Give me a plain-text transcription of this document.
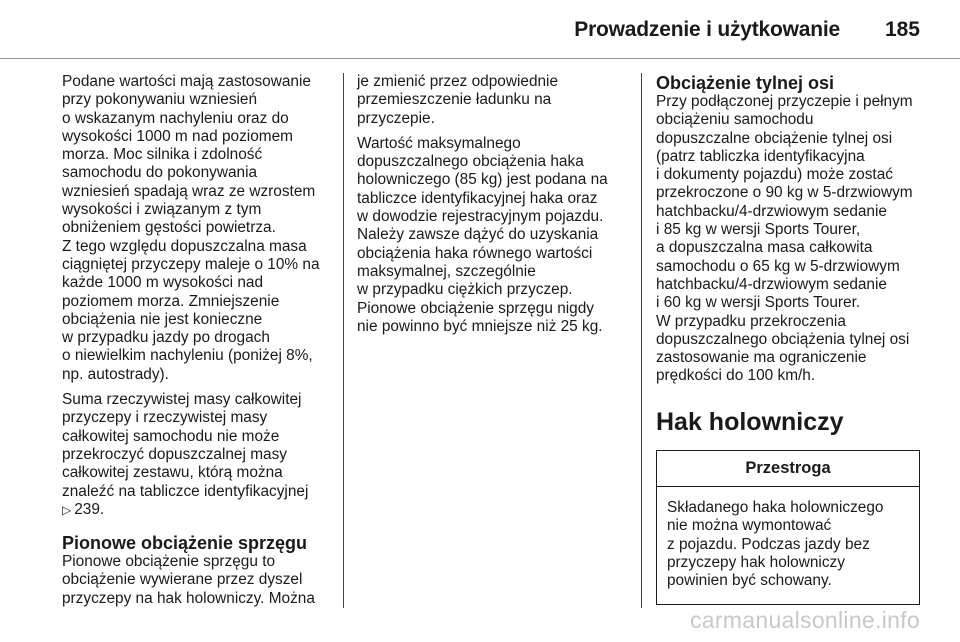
Prowadzenie i użytkowanie 185

Podane wartości mają zastosowanie
przy pokonywaniu wzniesień
o wskazanym nachyleniu oraz do
wysokości 1000 m nad poziomem
morza. Moc silnika i zdolność
samochodu do pokonywania
wzniesień spadają wraz ze wzrostem
wysokości i związanym z tym
obniżeniem gęstości powietrza.
Z tego względu dopuszczalna masa
ciągniętej przyczepy maleje o 10% na
każde 1000 m wysokości nad
poziomem morza. Zmniejszenie
obciążenia nie jest konieczne
w przypadku jazdy po drogach
o niewielkim nachyleniu (poniżej 8%,
np. autostrady).

Suma rzeczywistej masy całkowitej
przyczepy i rzeczywistej masy
całkowitej samochodu nie może
przekroczyć dopuszczalnej masy
całkowitej zestawu, którą można
znaleźć na tabliczce identyfikacyjnej
▷ 239.

Pionowe obciążenie sprzęgu

Pionowe obciążenie sprzęgu to
obciążenie wywierane przez dyszel
przyczepy na hak holowniczy. Można

je zmienić przez odpowiednie
przemieszczenie ładunku na
przyczepie.

Wartość maksymalnego
dopuszczalnego obciążenia haka
holowniczego (85 kg) jest podana na
tabliczce identyfikacyjnej haka oraz
w dowodzie rejestracyjnym pojazdu.
Należy zawsze dążyć do uzyskania
obciążenia haka równego wartości
maksymalnej, szczególnie
w przypadku ciężkich przyczep.
Pionowe obciążenie sprzęgu nigdy
nie powinno być mniejsze niż 25 kg.

Obciążenie tylnej osi

Przy podłączonej przyczepie i pełnym
obciążeniu samochodu
dopuszczalne obciążenie tylnej osi
(patrz tabliczka identyfikacyjna
i dokumenty pojazdu) może zostać
przekroczone o 90 kg w 5-drzwiowym
hatchbacku/4-drzwiowym sedanie
i 85 kg w wersji Sports Tourer,
a dopuszczalna masa całkowita
samochodu o 65 kg w 5-drzwiowym
hatchbacku/4-drzwiowym sedanie
i 60 kg w wersji Sports Tourer.
W przypadku przekroczenia
dopuszczalnego obciążenia tylnej osi
zastosowanie ma ograniczenie
prędkości do 100 km/h.

Hak holowniczy
Przestroga
Składanego haka holowniczego
nie można wymontować
z pojazdu. Podczas jazdy bez
przyczepy hak holowniczy
powinien być schowany.
carmanualsonline.info
